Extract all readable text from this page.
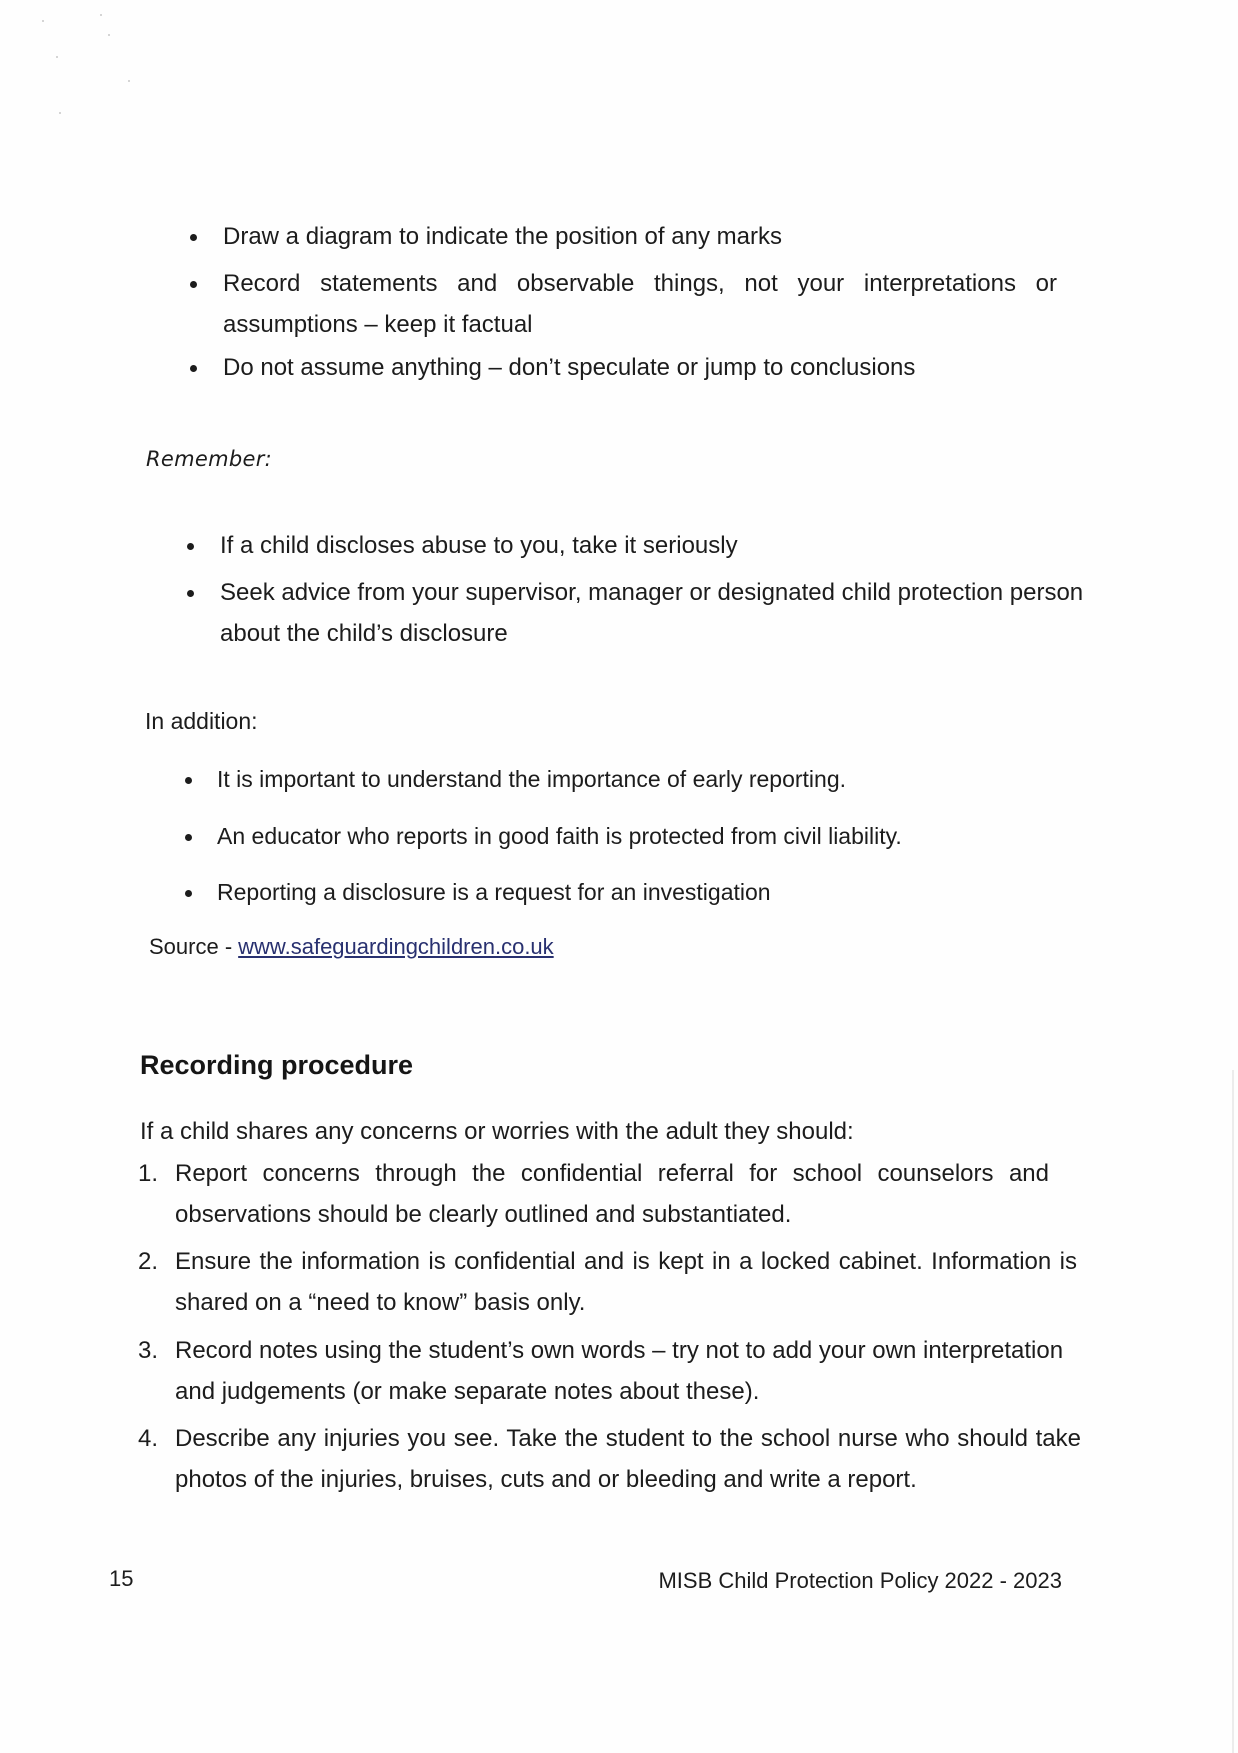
Draw a diagram to indicate the position of any marks
Record statements and observable things, not your interpretations or
assumptions – keep it factual
Do not assume anything – don’t speculate or jump to conclusions
Remember:
If a child discloses abuse to you, take it seriously
Seek advice from your supervisor, manager or designated child protection person
about the child’s disclosure
In addition:
It is important to understand the importance of early reporting.
An educator who reports in good faith is protected from civil liability.
Reporting a disclosure is a request for an investigation
Source - www.safeguardingchildren.co.uk
Recording procedure
If a child shares any concerns or worries with the adult they should:
1. Report concerns through the confidential referral for school counselors and
observations should be clearly outlined and substantiated.
2. Ensure the information is confidential and is kept in a locked cabinet. Information is
shared on a “need to know” basis only.
3. Record notes using the student’s own words – try not to add your own interpretation
and judgements (or make separate notes about these).
4. Describe any injuries you see. Take the student to the school nurse who should take
photos of the injuries, bruises, cuts and or bleeding and write a report.
15	MISB Child Protection Policy 2022 - 2023
